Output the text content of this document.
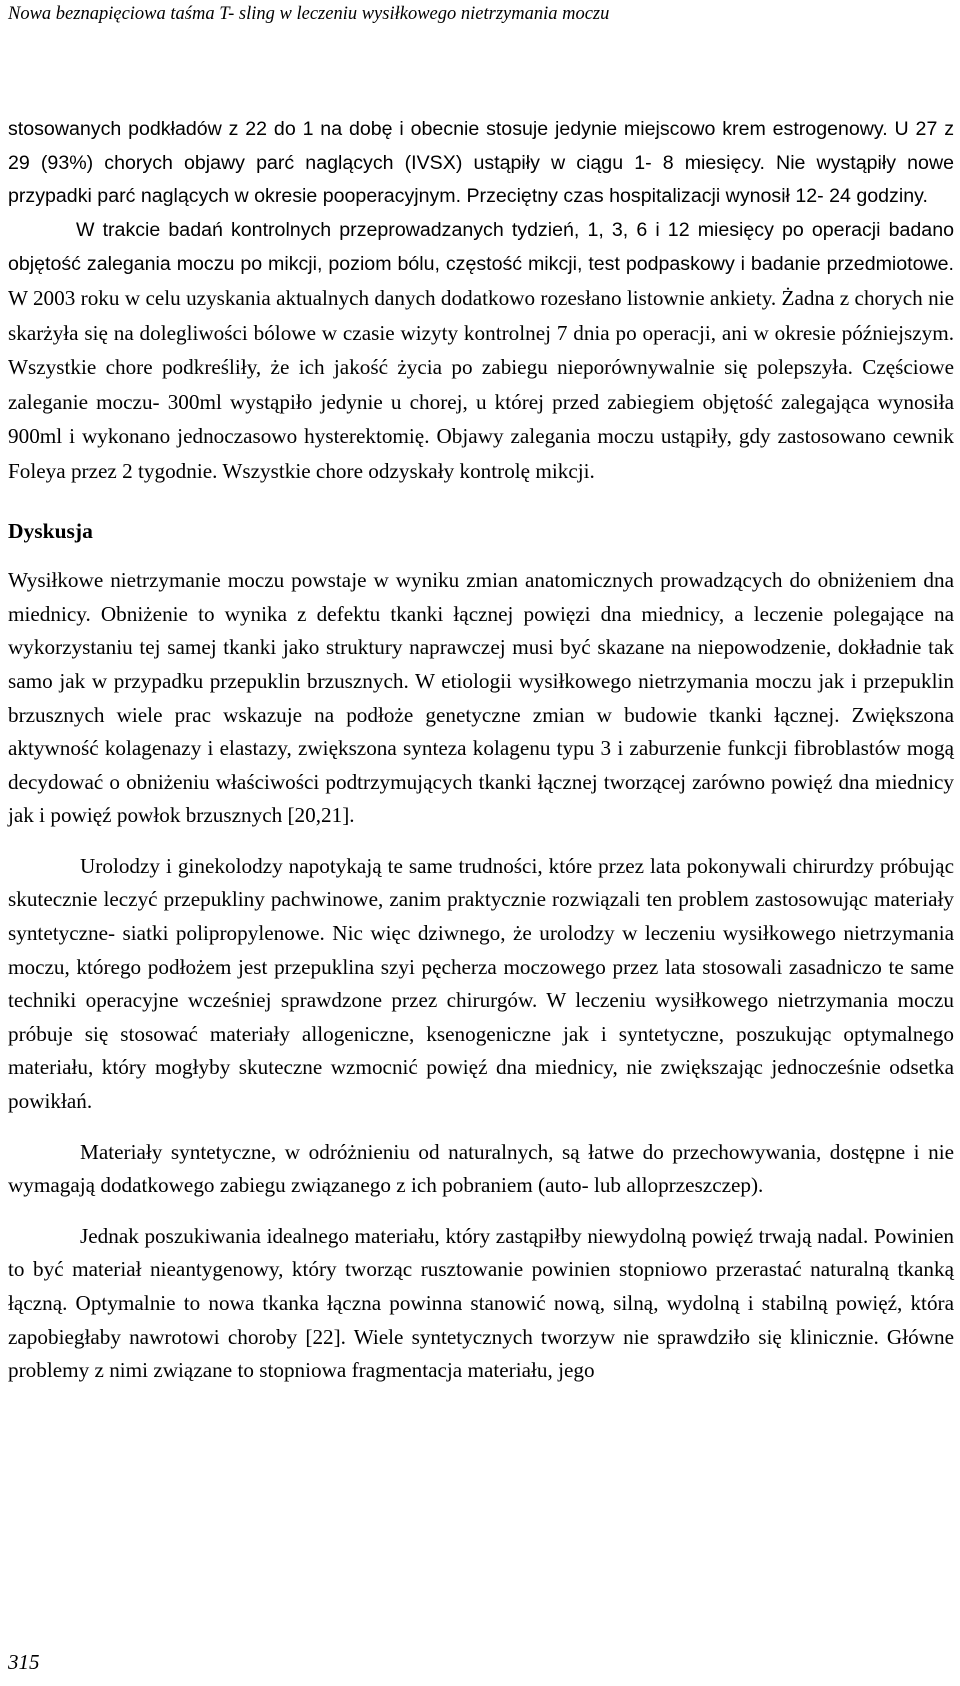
Nowa beznapięciowa taśma T- sling w leczeniu wysiłkowego nietrzymania moczu

stosowanych podkładów z 22 do 1 na dobę i obecnie stosuje jedynie miejscowo krem estrogenowy. U 27 z 29 (93%) chorych objawy parć naglących (IVSX) ustąpiły w ciągu 1- 8 miesięcy. Nie wystąpiły nowe przypadki parć naglących w okresie pooperacyjnym. Przeciętny czas hospitalizacji wynosił 12- 24 godziny.

W trakcie badań kontrolnych przeprowadzanych tydzień, 1, 3, 6 i 12 miesięcy po operacji badano objętość zalegania moczu po mikcji, poziom bólu, częstość mikcji, test podpaskowy i badanie przedmiotowe. W 2003 roku w celu uzyskania aktualnych danych dodatkowo rozesłano listownie ankiety. Żadna z chorych nie skarżyła się na dolegliwości bólowe w czasie wizyty kontrolnej 7 dnia po operacji, ani w okresie późniejszym. Wszystkie chore podkreśliły, że ich jakość życia po zabiegu nieporównywalnie się polepszyła. Częściowe zaleganie moczu- 300ml wystąpiło jedynie u chorej, u której przed zabiegiem objętość zalegająca wynosiła 900ml i wykonano jednoczasowo hysterektomię. Objawy zalegania moczu ustąpiły, gdy zastosowano cewnik Foleya przez 2 tygodnie. Wszystkie chore odzyskały kontrolę mikcji.

Dyskusja

Wysiłkowe nietrzymanie moczu powstaje w wyniku zmian anatomicznych prowadzących do obniżeniem dna miednicy. Obniżenie to wynika z defektu tkanki łącznej powięzi dna miednicy, a leczenie polegające na wykorzystaniu tej samej tkanki jako struktury naprawczej musi być skazane na niepowodzenie, dokładnie tak samo jak w przypadku przepuklin brzusznych. W etiologii wysiłkowego nietrzymania moczu jak i przepuklin brzusznych wiele prac wskazuje na podłoże genetyczne zmian w budowie tkanki łącznej. Zwiększona aktywność kolagenazy i elastazy, zwiększona synteza kolagenu typu 3 i zaburzenie funkcji fibroblastów mogą decydować o obniżeniu właściwości podtrzymujących tkanki łącznej tworzącej zarówno powięź dna miednicy jak i powięź powłok brzusznych [20,21].

Urolodzy i ginekolodzy napotykają te same trudności, które przez lata pokonywali chirurdzy próbując skutecznie leczyć przepukliny pachwinowe, zanim praktycznie rozwiązali ten problem zastosowując materiały syntetyczne- siatki polipropylenowe. Nic więc dziwnego, że urolodzy w leczeniu wysiłkowego nietrzymania moczu, którego podłożem jest przepuklina szyi pęcherza moczowego przez lata stosowali zasadniczo te same techniki operacyjne wcześniej sprawdzone przez chirurgów. W leczeniu wysiłkowego nietrzymania moczu próbuje się stosować materiały allogeniczne, ksenogeniczne jak i syntetyczne, poszukując optymalnego materiału, który mogłyby skuteczne wzmocnić powięź dna miednicy, nie zwiększając jednocześnie odsetka powikłań.

Materiały syntetyczne, w odróżnieniu od naturalnych, są łatwe do przechowywania, dostępne i nie wymagają dodatkowego zabiegu związanego z ich pobraniem (auto- lub alloprzeszczep).

Jednak poszukiwania idealnego materiału, który zastąpiłby niewydolną powięź trwają nadal. Powinien to być materiał nieantygenowy, który tworząc rusztowanie powinien stopniowo przerastać naturalną tkanką łączną. Optymalnie to nowa tkanka łączna powinna stanowić nową, silną, wydolną i stabilną powięź, która zapobiegłaby nawrotowi choroby [22]. Wiele syntetycznych tworzyw nie sprawdziło się klinicznie. Główne problemy z nimi związane to stopniowa fragmentacja materiału, jego

315
